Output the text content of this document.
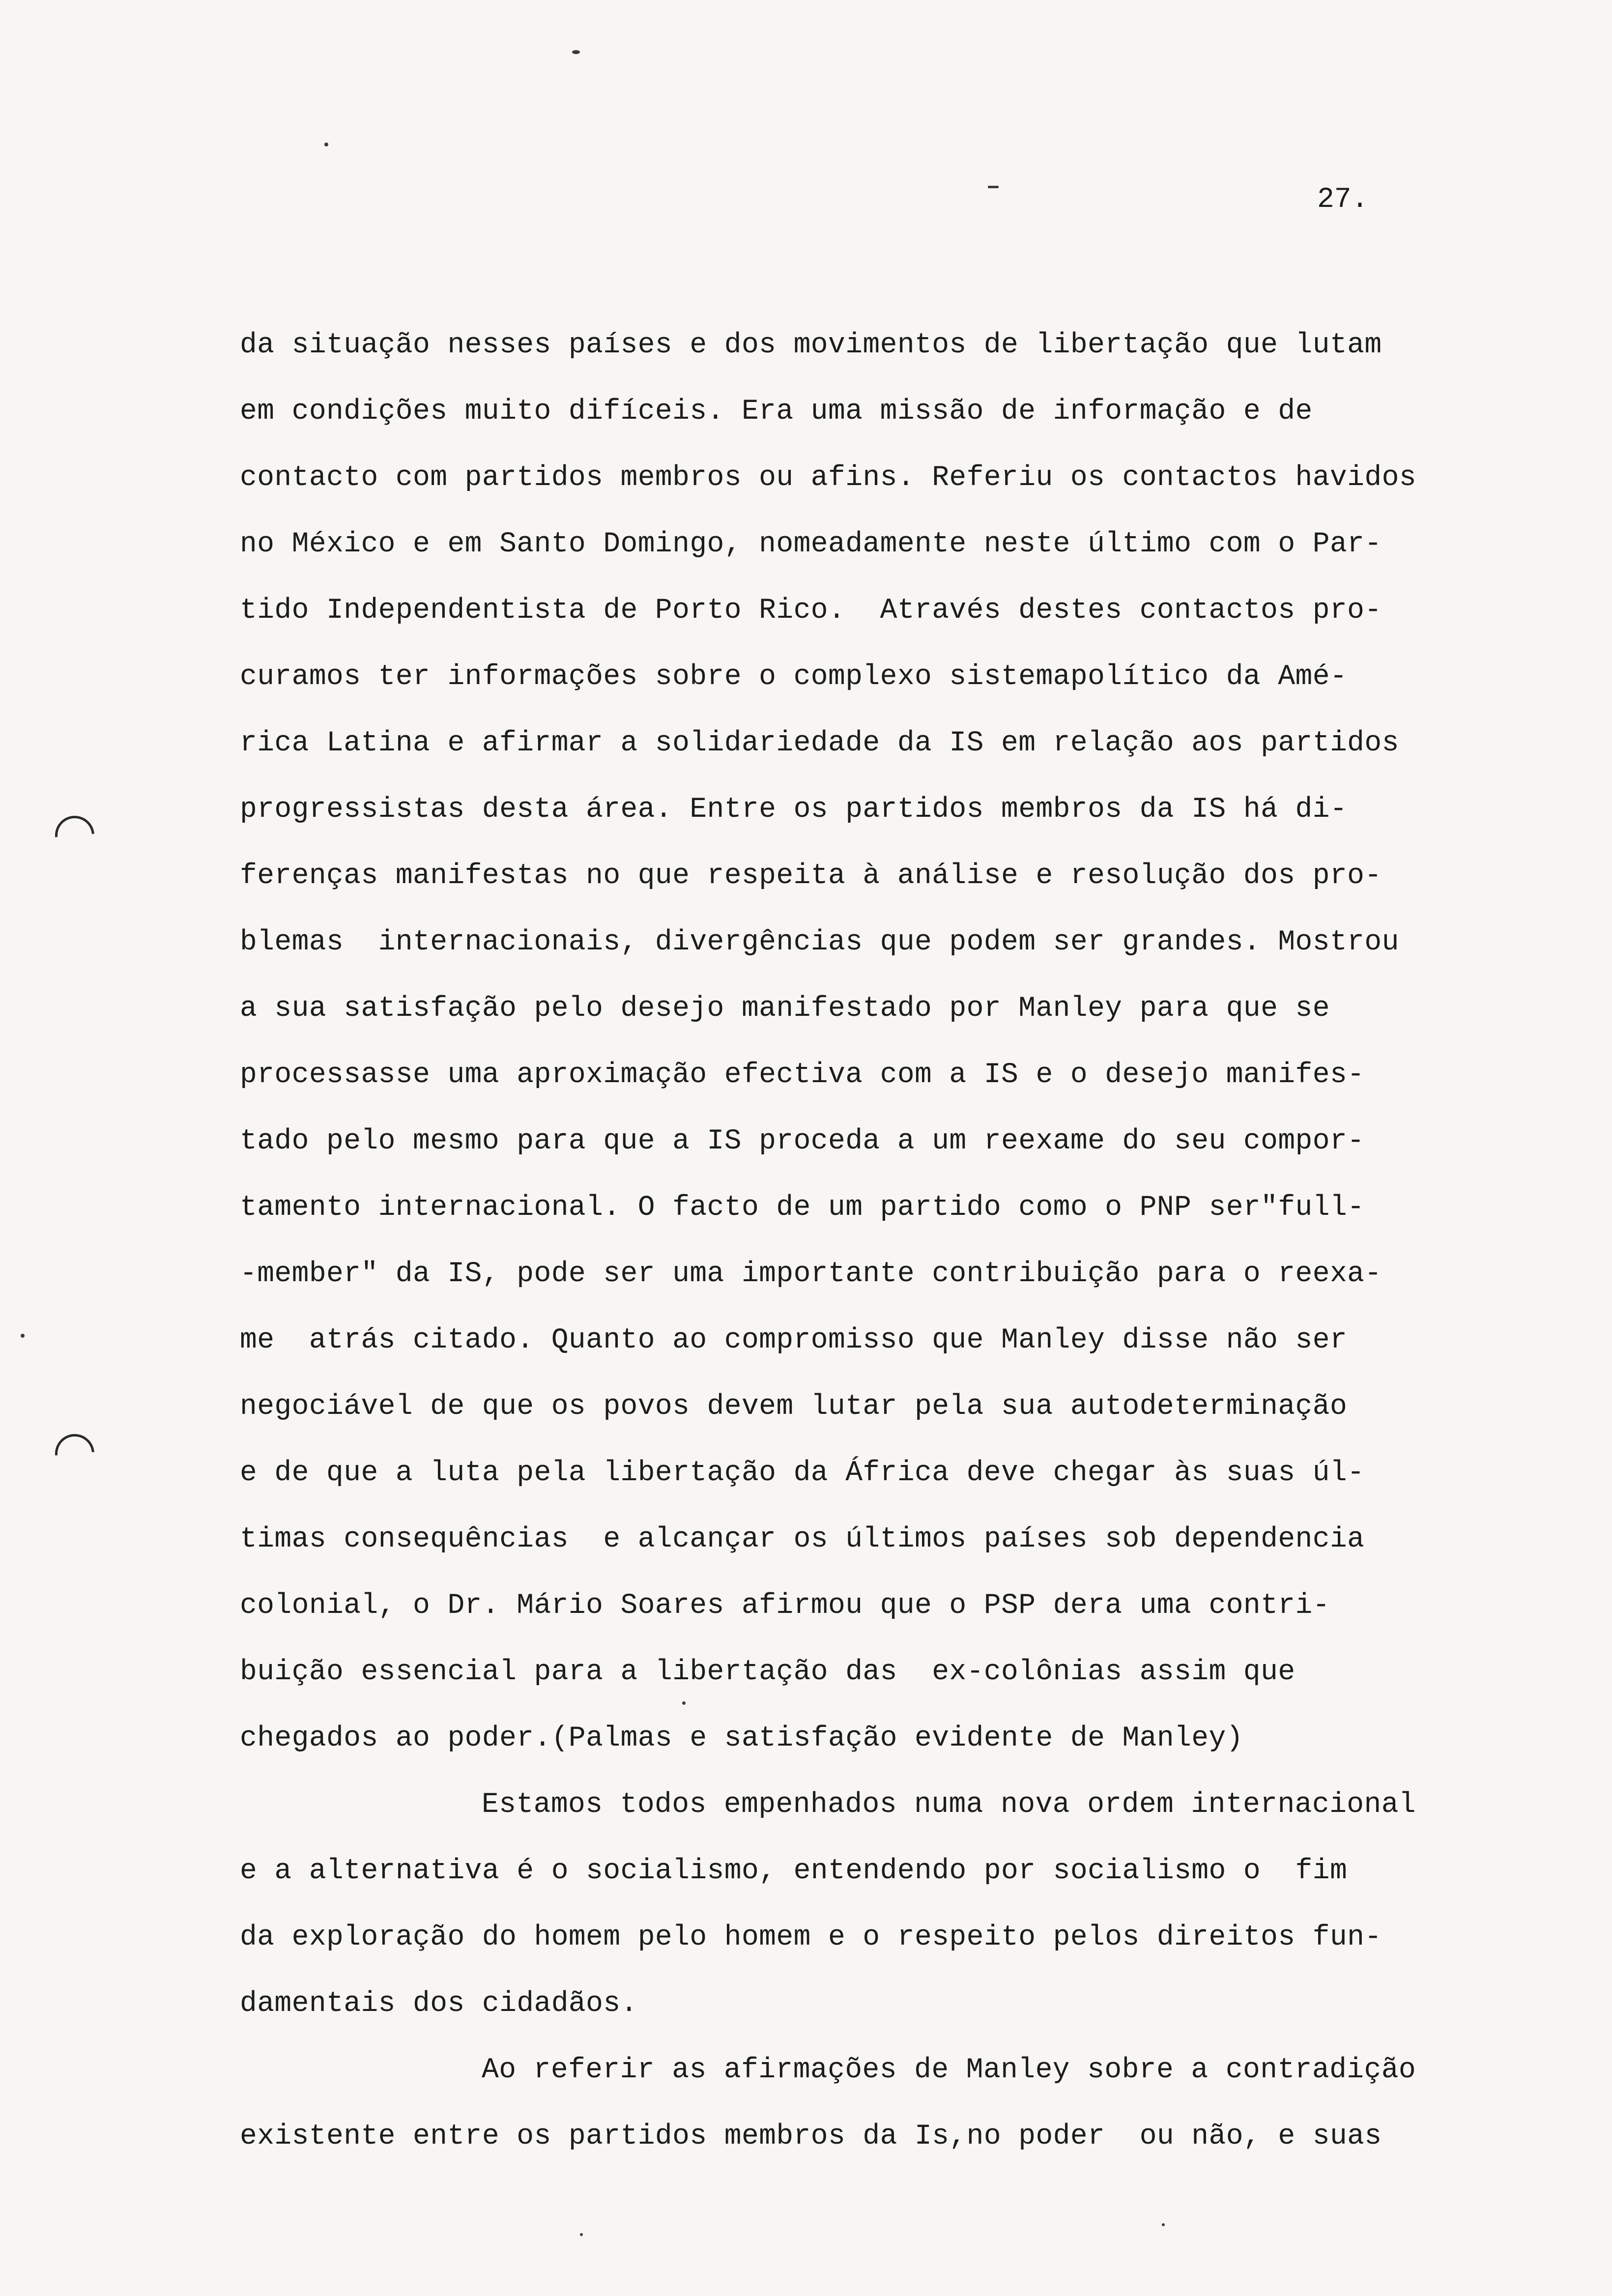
27.
da situação nesses países e dos movimentos de libertação que lutam
em condições muito difíceis. Era uma missão de informação e de
contacto com partidos membros ou afins. Referiu os contactos havidos
no México e em Santo Domingo, nomeadamente neste último com o Par-
tido Independentista de Porto Rico.  Através destes contactos pro-
curamos ter informações sobre o complexo sistemapolítico da Amé-
rica Latina e afirmar a solidariedade da IS em relação aos partidos
progressistas desta área. Entre os partidos membros da IS há di-
ferenças manifestas no que respeita à análise e resolução dos pro-
blemas  internacionais, divergências que podem ser grandes. Mostrou
a sua satisfação pelo desejo manifestado por Manley para que se
processasse uma aproximação efectiva com a IS e o desejo manifes-
tado pelo mesmo para que a IS proceda a um reexame do seu compor-
tamento internacional. O facto de um partido como o PNP ser"full-
-member" da IS, pode ser uma importante contribuição para o reexa-
me  atrás citado. Quanto ao compromisso que Manley disse não ser
negociável de que os povos devem lutar pela sua autodeterminação
e de que a luta pela libertação da África deve chegar às suas úl-
timas consequências  e alcançar os últimos países sob dependencia
colonial, o Dr. Mário Soares afirmou que o PSP dera uma contri-
buição essencial para a libertação das  ex-colônias assim que
chegados ao poder.(Palmas e satisfação evidente de Manley)
Estamos todos empenhados numa nova ordem internacional
e a alternativa é o socialismo, entendendo por socialismo o  fim
da exploração do homem pelo homem e o respeito pelos direitos fun-
damentais dos cidadãos.
Ao referir as afirmações de Manley sobre a contradição
existente entre os partidos membros da Is,no poder  ou não, e suas
